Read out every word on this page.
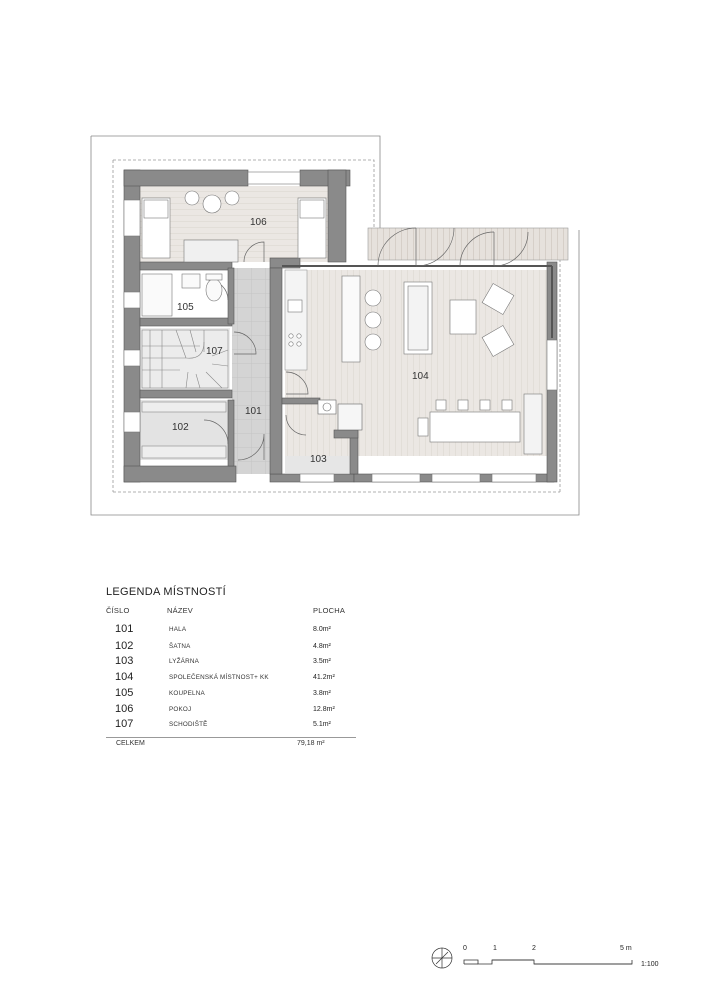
106
105
107
104
101
102
103
LEGENDA MÍSTNOSTÍ
ČÍSLO	NÁZEV	PLOCHA
101	HALA	8.0m²
102	ŠATNA	4.8m²
103	LYŽÁRNA	3.5m²
104	SPOLEČENSKÁ MÍSTNOST+ KK	41.2m²
105	KOUPELNA	3.8m²
106	POKOJ	12.8m²
107	SCHODIŠTĚ	5.1m²
CELKEM	79,18 m²
0	1	2	5 m
1:100
